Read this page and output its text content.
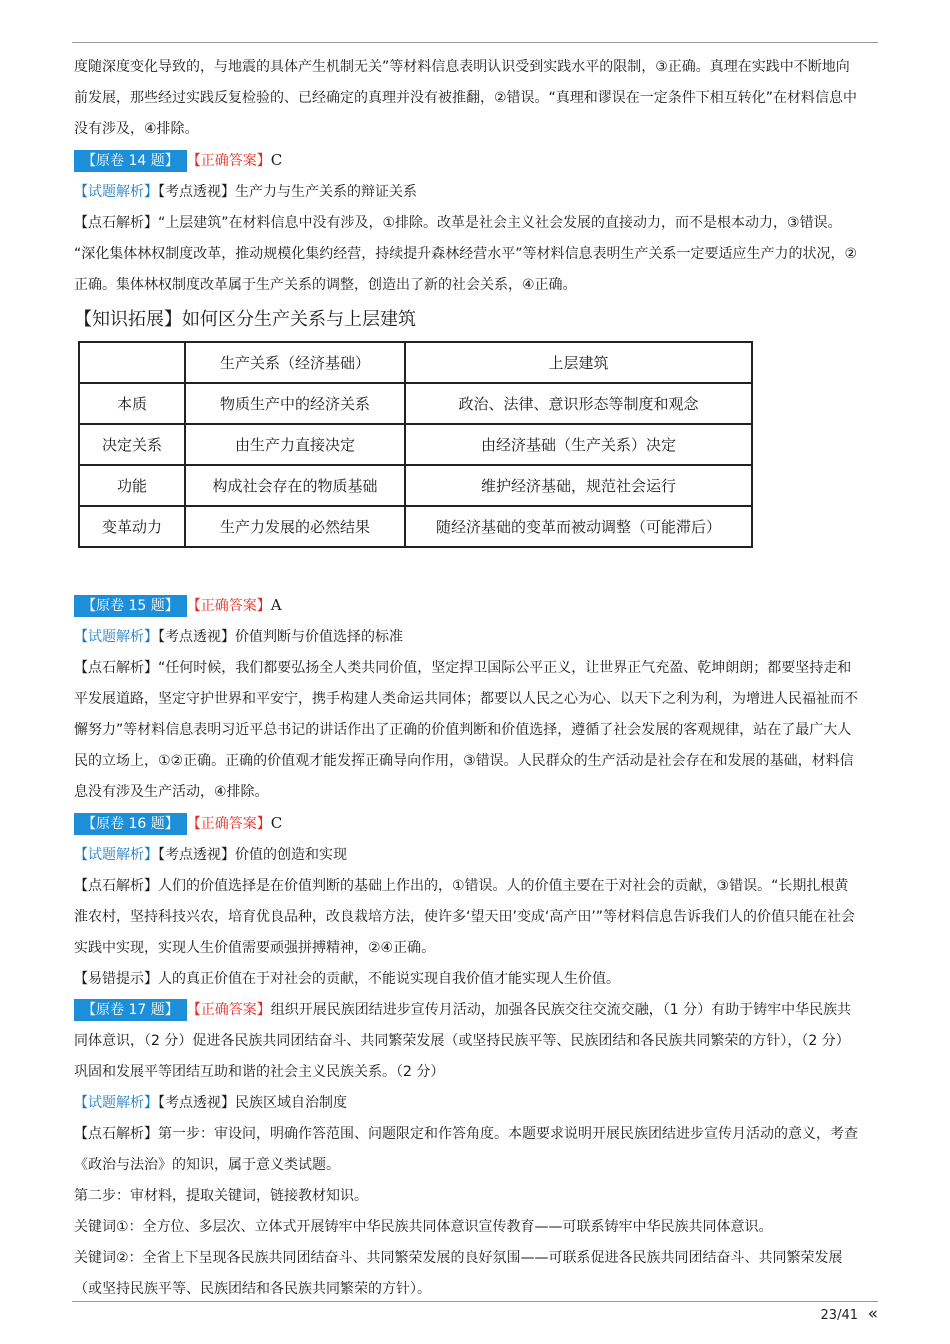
度随深度变化导致的，与地震的具体产生机制无关”等材料信息表明认识受到实践水平的限制，③正确。真理在实践中不断地向

前发展，那些经过实践反复检验的、已经确定的真理并没有被推翻，②错误。“真理和谬误在一定条件下相互转化”在材料信息中

没有涉及，④排除。

【原卷 14 题】 【正确答案】C

【试题解析】【考点透视】生产力与生产关系的辩证关系

【点石解析】“上层建筑”在材料信息中没有涉及，①排除。改革是社会主义社会发展的直接动力，而不是根本动力，③错误。

“深化集体林权制度改革，推动规模化集约经营，持续提升森林经营水平”等材料信息表明生产关系一定要适应生产力的状况，②

正确。集体林权制度改革属于生产关系的调整，创造出了新的社会关系，④正确。

【知识拓展】如何区分生产关系与上层建筑

	生产关系（经济基础）	上层建筑
本质	物质生产中的经济关系	政治、法律、意识形态等制度和观念
决定关系	由生产力直接决定	由经济基础（生产关系）决定
功能	构成社会存在的物质基础	维护经济基础，规范社会运行
变革动力	生产力发展的必然结果	随经济基础的变革而被动调整（可能滞后）

【原卷 15 题】 【正确答案】A

【试题解析】【考点透视】价值判断与价值选择的标准

【点石解析】“任何时候，我们都要弘扬全人类共同价值，坚定捍卫国际公平正义，让世界正气充盈、乾坤朗朗；都要坚持走和

平发展道路，坚定守护世界和平安宁，携手构建人类命运共同体；都要以人民之心为心、以天下之利为利，为增进人民福祉而不

懈努力”等材料信息表明习近平总书记的讲话作出了正确的价值判断和价值选择，遵循了社会发展的客观规律，站在了最广大人

民的立场上，①②正确。正确的价值观才能发挥正确导向作用，③错误。人民群众的生产活动是社会存在和发展的基础，材料信

息没有涉及生产活动，④排除。

【原卷 16 题】 【正确答案】C

【试题解析】【考点透视】价值的创造和实现

【点石解析】人们的价值选择是在价值判断的基础上作出的，①错误。人的价值主要在于对社会的贡献，③错误。“长期扎根黄

淮农村，坚持科技兴农，培育优良品种，改良栽培方法，使许多‘望天田’变成‘高产田’”等材料信息告诉我们人的价值只能在社会

实践中实现，实现人生价值需要顽强拼搏精神，②④正确。

【易错提示】人的真正价值在于对社会的贡献，不能说实现自我价值才能实现人生价值。

【原卷 17 题】 【正确答案】组织开展民族团结进步宣传月活动，加强各民族交往交流交融，（1 分）有助于铸牢中华民族共

同体意识，（2 分）促进各民族共同团结奋斗、共同繁荣发展（或坚持民族平等、民族团结和各民族共同繁荣的方针），（2 分）

巩固和发展平等团结互助和谐的社会主义民族关系。（2 分）

【试题解析】【考点透视】民族区域自治制度

【点石解析】第一步：审设问，明确作答范围、问题限定和作答角度。本题要求说明开展民族团结进步宣传月活动的意义，考查

《政治与法治》的知识，属于意义类试题。

第二步：审材料，提取关键词，链接教材知识。

关键词①：全方位、多层次、立体式开展铸牢中华民族共同体意识宣传教育——可联系铸牢中华民族共同体意识。

关键词②：全省上下呈现各民族共同团结奋斗、共同繁荣发展的良好氛围——可联系促进各民族共同团结奋斗、共同繁荣发展

（或坚持民族平等、民族团结和各民族共同繁荣的方针）。

23/41 «
